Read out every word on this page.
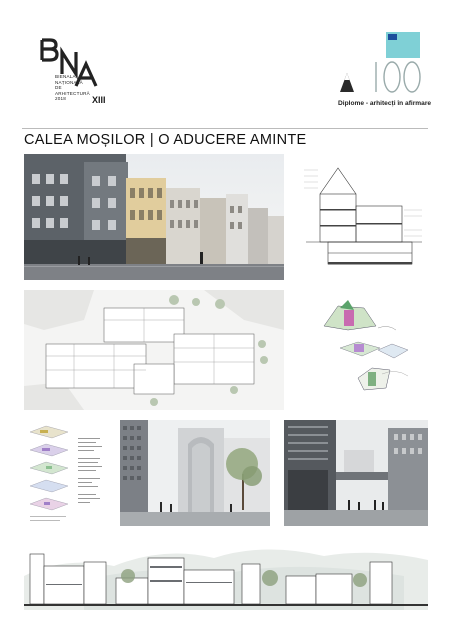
BIENALA
NAȚIONALĂ
DE
ARHITECTURĂ
2018	XIII	Diplome - arhitecți în afirmare
CALEA MOȘILOR | O ADUCERE AMINTE
